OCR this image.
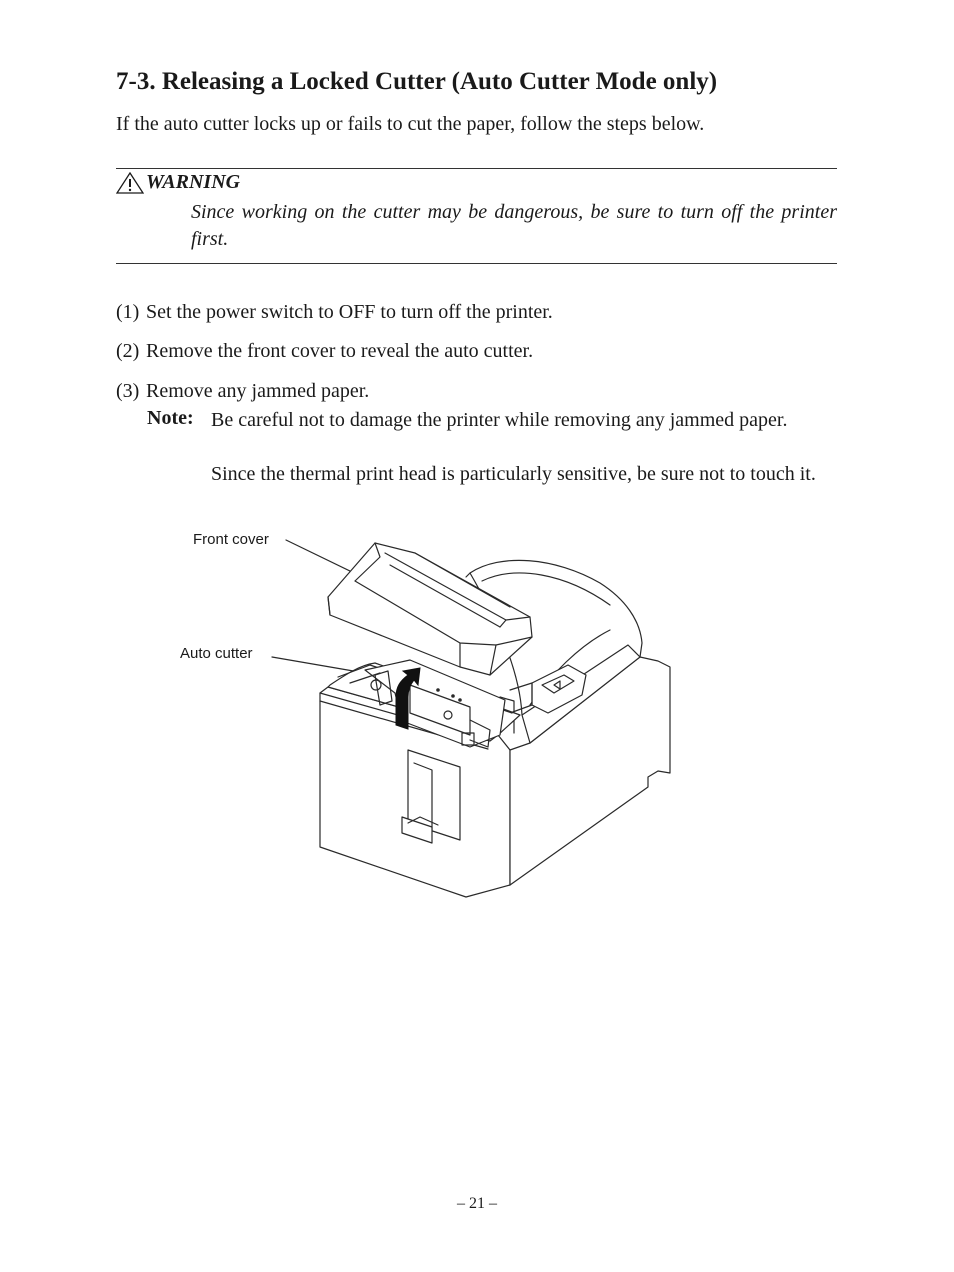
7-3. Releasing a Locked Cutter (Auto Cutter Mode only)
If the auto cutter locks up or fails to cut the paper, follow the steps below.
WARNING
Since working on the cutter may be dangerous, be sure to turn off the printer first.
(1) Set the power switch to OFF to turn off the printer.
(2) Remove the front cover to reveal the auto cutter.
(3) Remove any jammed paper.
Note: Be careful not to damage the printer while removing any jammed paper.
Since the thermal print head is particularly sensitive, be sure not to touch it.
Front cover
Auto cutter
– 21 –
